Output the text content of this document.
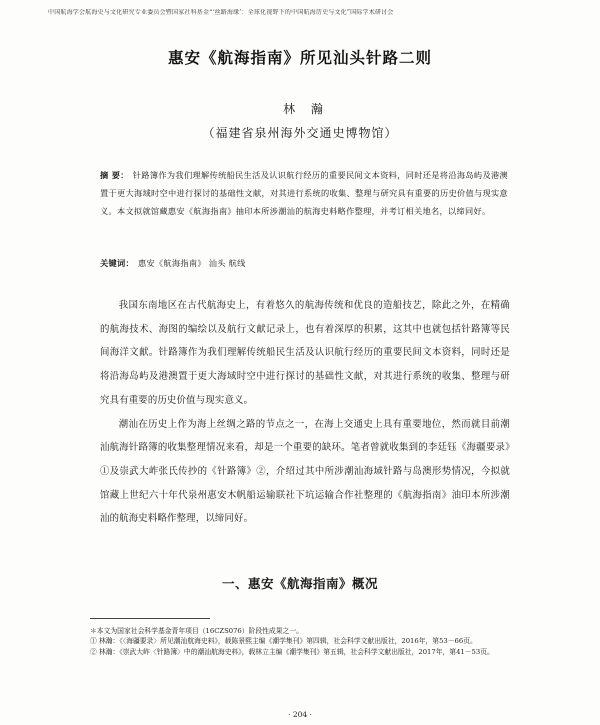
中国航海学会航海史与文化研究专业委员会暨国家社科基金“‘丝路海缘’：全球化视野下的中国航海历史与文化”国际学术研讨会
惠安《航海指南》所见汕头针路二则
林 瀚
（福建省泉州海外交通史博物馆）
摘 要： 针路簿作为我们理解传统船民生活及认识航行经历的重要民间文本资料，同时还是将沿海岛屿及港澳置于更大海域时空中进行探讨的基础性文献，对其进行系统的收集、整理与研究具有重要的历史价值与现实意义。本文拟就馆藏惠安《航海指南》抽印本所涉潮汕的航海史料略作整理，并考订相关地名，以缔同好。
关键词： 惠安《航海指南》 汕头 航线

我国东南地区在古代航海史上，有着悠久的航海传统和优良的造船技艺，除此之外，在精确的航海技术、海图的编绘以及航行文献记录上，也有着深厚的积累，这其中也就包括针路簿等民间海洋文献。针路簿作为我们理解传统船民生活及认识航行经历的重要民间文本资料，同时还是将沿海岛屿及港澳置于更大海域时空中进行探讨的基础性文献，对其进行系统的收集、整理与研究具有重要的历史价值与现实意义。

潮汕在历史上作为海上丝绸之路的节点之一，在海上交通史上具有重要地位，然而就目前潮汕航海针路簿的收集整理情况来看，却是一个重要的缺环。笔者曾就收集到的李廷钰《海疆要录》①及崇武大岞张氏传抄的《针路簿》②，介绍过其中所涉潮汕海域针路与岛澳形势情况，今拟就馆藏上世纪六十年代泉州惠安木帆船运输联社下坑运输合作社整理的《航海指南》油印本所涉潮汕的航海史料略作整理，以缔同好。

一、惠安《航海指南》概况

＊本文为国家社会科学基金青年项目（16CZS076）阶段性成果之一。

① 林瀚：《〈海疆要录〉所见潮汕航海史料》，载陈景熙主编《潮学集刊》第四辑，社会科学文献出版社，2016年，第53－66页。

② 林瀚：《崇武大岞〈针路簿〉中的潮汕航海史料》，载林立主编《潮学集刊》第五辑，社会科学文献出版社，2017年，第41－53页。

· 204 ·
